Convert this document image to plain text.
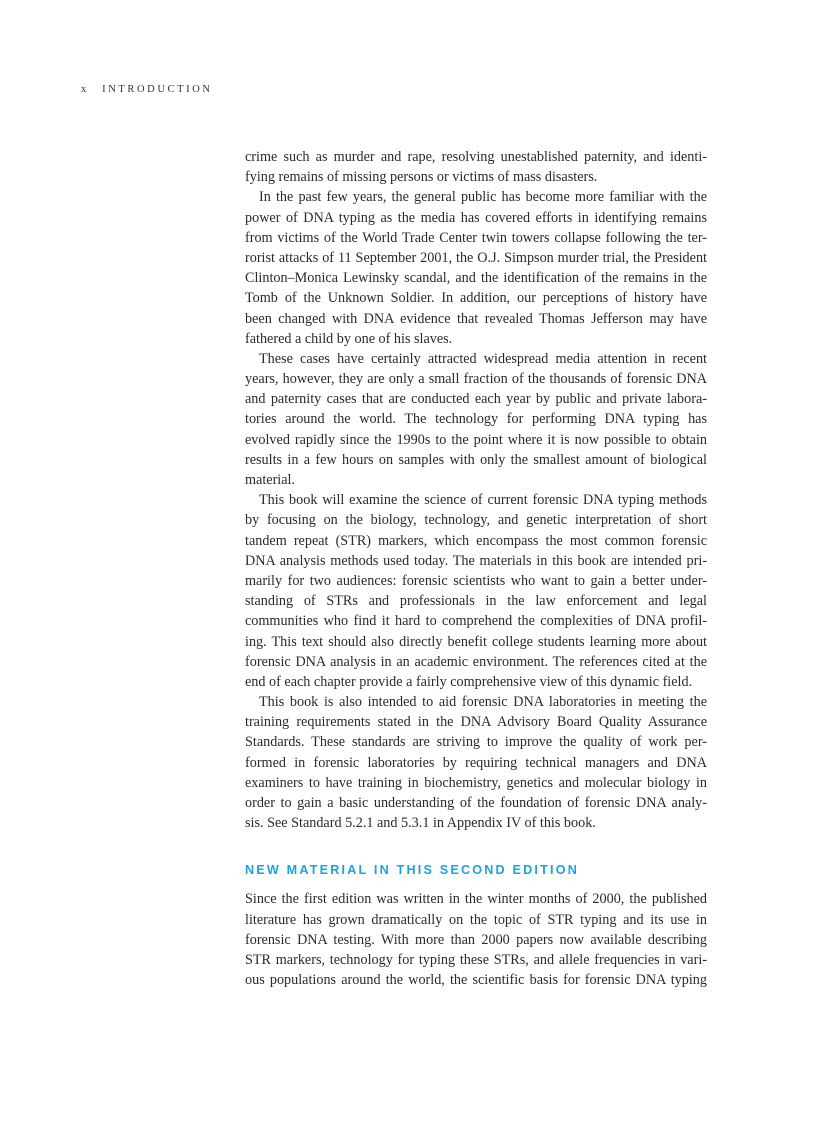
x INTRODUCTION
crime such as murder and rape, resolving unestablished paternity, and identi-
fying remains of missing persons or victims of mass disasters.
In the past few years, the general public has become more familiar with the
power of DNA typing as the media has covered efforts in identifying remains
from victims of the World Trade Center twin towers collapse following the ter-
rorist attacks of 11 September 2001, the O.J. Simpson murder trial, the President
Clinton–Monica Lewinsky scandal, and the identification of the remains in the
Tomb of the Unknown Soldier. In addition, our perceptions of history have
been changed with DNA evidence that revealed Thomas Jefferson may have
fathered a child by one of his slaves.
These cases have certainly attracted widespread media attention in recent
years, however, they are only a small fraction of the thousands of forensic DNA
and paternity cases that are conducted each year by public and private labora-
tories around the world. The technology for performing DNA typing has
evolved rapidly since the 1990s to the point where it is now possible to obtain
results in a few hours on samples with only the smallest amount of biological
material.
This book will examine the science of current forensic DNA typing methods
by focusing on the biology, technology, and genetic interpretation of short
tandem repeat (STR) markers, which encompass the most common forensic
DNA analysis methods used today. The materials in this book are intended pri-
marily for two audiences: forensic scientists who want to gain a better under-
standing of STRs and professionals in the law enforcement and legal
communities who find it hard to comprehend the complexities of DNA profil-
ing. This text should also directly benefit college students learning more about
forensic DNA analysis in an academic environment. The references cited at the
end of each chapter provide a fairly comprehensive view of this dynamic field.
This book is also intended to aid forensic DNA laboratories in meeting the
training requirements stated in the DNA Advisory Board Quality Assurance
Standards. These standards are striving to improve the quality of work per-
formed in forensic laboratories by requiring technical managers and DNA
examiners to have training in biochemistry, genetics and molecular biology in
order to gain a basic understanding of the foundation of forensic DNA analy-
sis. See Standard 5.2.1 and 5.3.1 in Appendix IV of this book.
NEW MATERIAL IN THIS SECOND EDITION
Since the first edition was written in the winter months of 2000, the published
literature has grown dramatically on the topic of STR typing and its use in
forensic DNA testing. With more than 2000 papers now available describing
STR markers, technology for typing these STRs, and allele frequencies in vari-
ous populations around the world, the scientific basis for forensic DNA typing
